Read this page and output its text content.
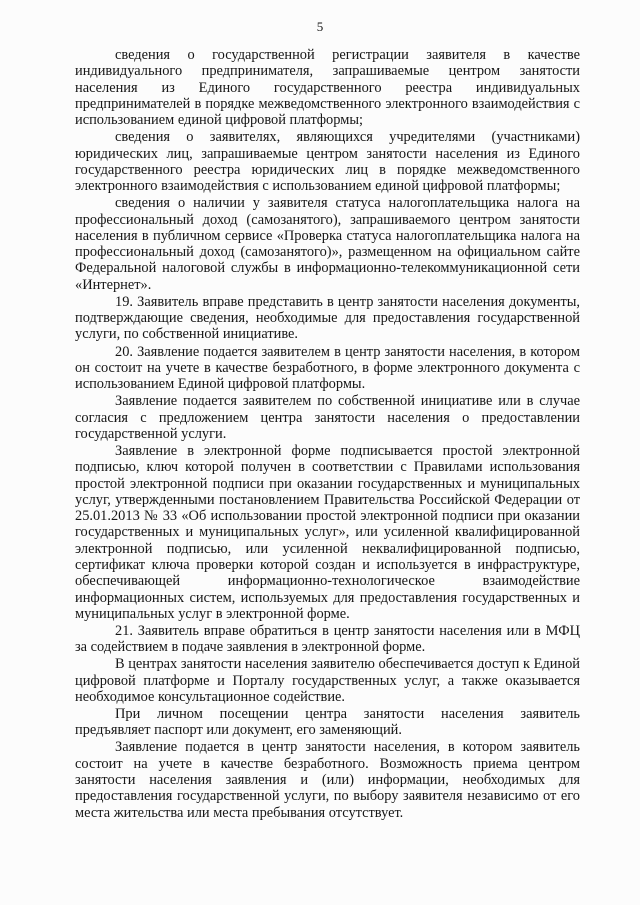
5

сведения о государственной регистрации заявителя в качестве индивидуального предпринимателя, запрашиваемые центром занятости населения из Единого государственного реестра индивидуальных предпринимателей в порядке межведомственного электронного взаимодействия с использованием единой цифровой платформы;

сведения о заявителях, являющихся учредителями (участниками) юридических лиц, запрашиваемые центром занятости населения из Единого государственного реестра юридических лиц в порядке межведомственного электронного взаимодействия с использованием единой цифровой платформы;

сведения о наличии у заявителя статуса налогоплательщика налога на профессиональный доход (самозанятого), запрашиваемого центром занятости населения в публичном сервисе «Проверка статуса налогоплательщика налога на профессиональный доход (самозанятого)», размещенном на официальном сайте Федеральной налоговой службы в информационно-телекоммуникационной сети «Интернет».

19. Заявитель вправе представить в центр занятости населения документы, подтверждающие сведения, необходимые для предоставления государственной услуги, по собственной инициативе.

20. Заявление подается заявителем в центр занятости населения, в котором он состоит на учете в качестве безработного, в форме электронного документа с использованием Единой цифровой платформы.

Заявление подается заявителем по собственной инициативе или в случае согласия с предложением центра занятости населения о предоставлении государственной услуги.

Заявление в электронной форме подписывается простой электронной подписью, ключ которой получен в соответствии с Правилами использования простой электронной подписи при оказании государственных и муниципальных услуг, утвержденными постановлением Правительства Российской Федерации от 25.01.2013 № 33 «Об использовании простой электронной подписи при оказании государственных и муниципальных услуг», или усиленной квалифицированной электронной подписью, или усиленной неквалифицированной подписью, сертификат ключа проверки которой создан и используется в инфраструктуре, обеспечивающей информационно-технологическое взаимодействие информационных систем, используемых для предоставления государственных и муниципальных услуг в электронной форме.

21. Заявитель вправе обратиться в центр занятости населения или в МФЦ за содействием в подаче заявления в электронной форме.

В центрах занятости населения заявителю обеспечивается доступ к Единой цифровой платформе и Порталу государственных услуг, а также оказывается необходимое консультационное содействие.

При личном посещении центра занятости населения заявитель предъявляет паспорт или документ, его заменяющий.

Заявление подается в центр занятости населения, в котором заявитель состоит на учете в качестве безработного. Возможность приема центром занятости населения заявления и (или) информации, необходимых для предоставления государственной услуги, по выбору заявителя независимо от его места жительства или места пребывания отсутствует.
